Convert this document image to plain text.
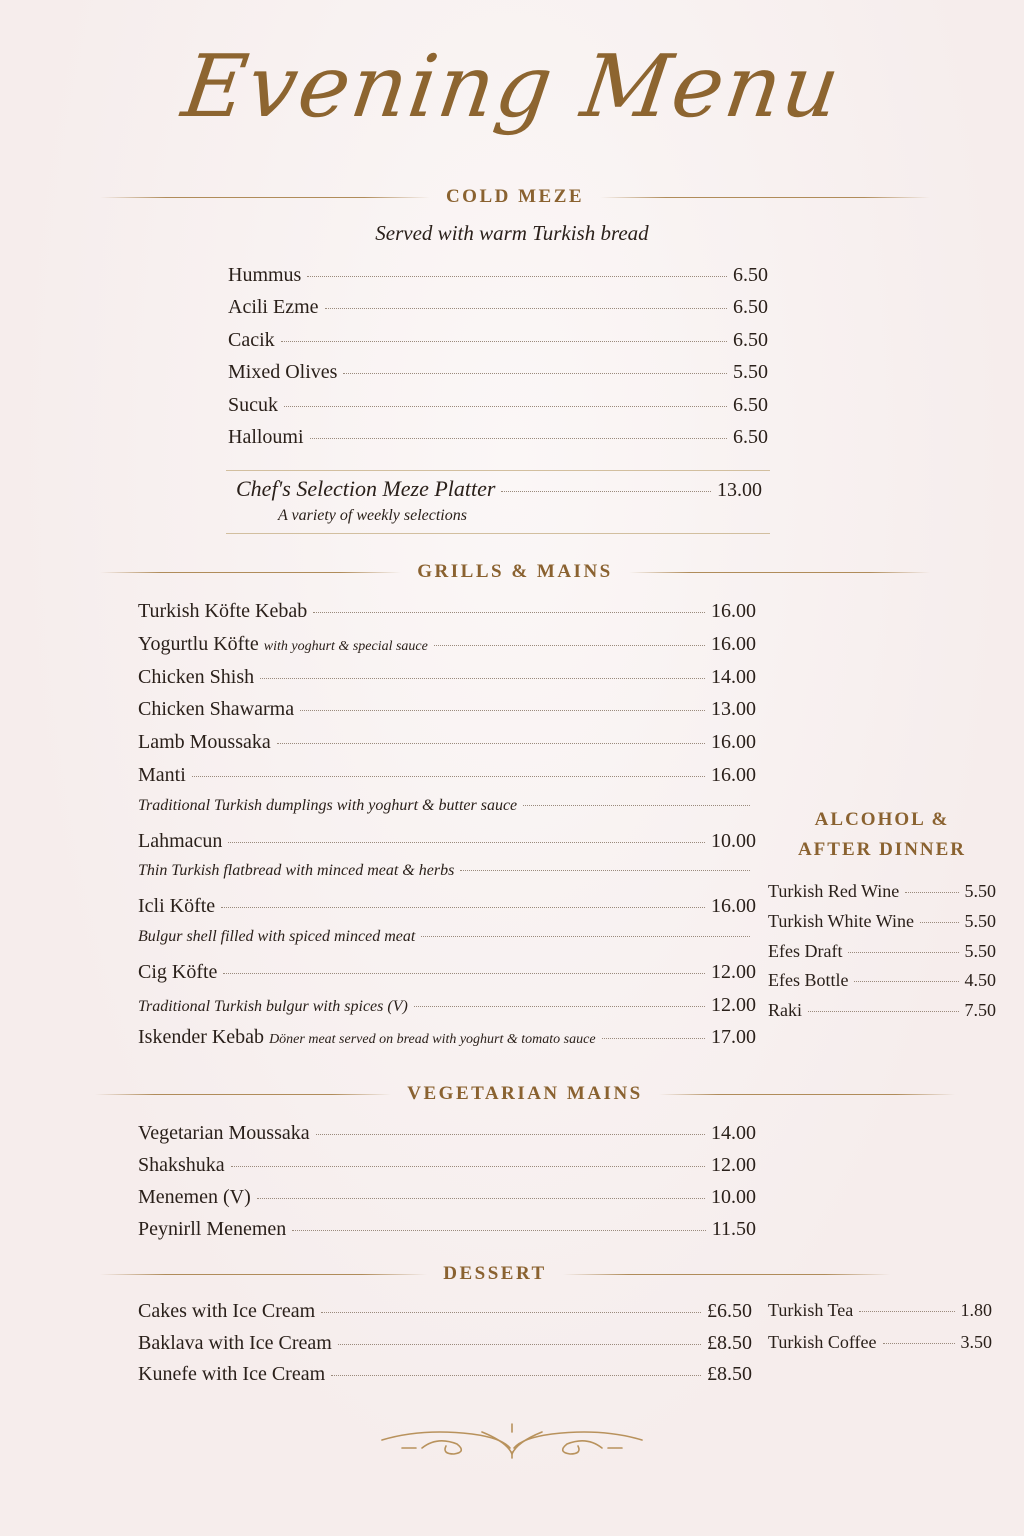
Evening Menu
COLD MEZE
Served with warm Turkish bread
Hummus	6.50
Acili Ezme	6.50
Cacik	6.50
Mixed Olives	5.50
Sucuk	6.50
Halloumi	6.50
Chef's Selection Meze Platter	13.00
A variety of weekly selections
GRILLS & MAINS
Turkish Köfte Kebab	16.00
Yogurtlu Köfte with yoghurt & special sauce	16.00
Chicken Shish	14.00
Chicken Shawarma	13.00
Lamb Moussaka	16.00
Manti	16.00
Traditional Turkish dumplings with yoghurt & butter sauce
Lahmacun	10.00
Thin Turkish flatbread with minced meat & herbs
Icli Köfte	16.00
Bulgur shell filled with spiced minced meat
Cig Köfte	12.00
Traditional Turkish bulgur with spices (V)	12.00
Iskender Kebab Döner meat served on bread with yoghurt & tomato sauce	17.00
ALCOHOL &
AFTER DINNER
Turkish Red Wine	5.50
Turkish White Wine	5.50
Efes Draft	5.50
Efes Bottle	4.50
Raki	7.50
VEGETARIAN MAINS
Vegetarian Moussaka	14.00
Shakshuka	12.00
Menemen (V)	10.00
Peynirll Menemen	11.50
DESSERT
Cakes with Ice Cream	£6.50
Baklava with Ice Cream	£8.50
Kunefe with Ice Cream	£8.50
Turkish Tea	1.80
Turkish Coffee	3.50
